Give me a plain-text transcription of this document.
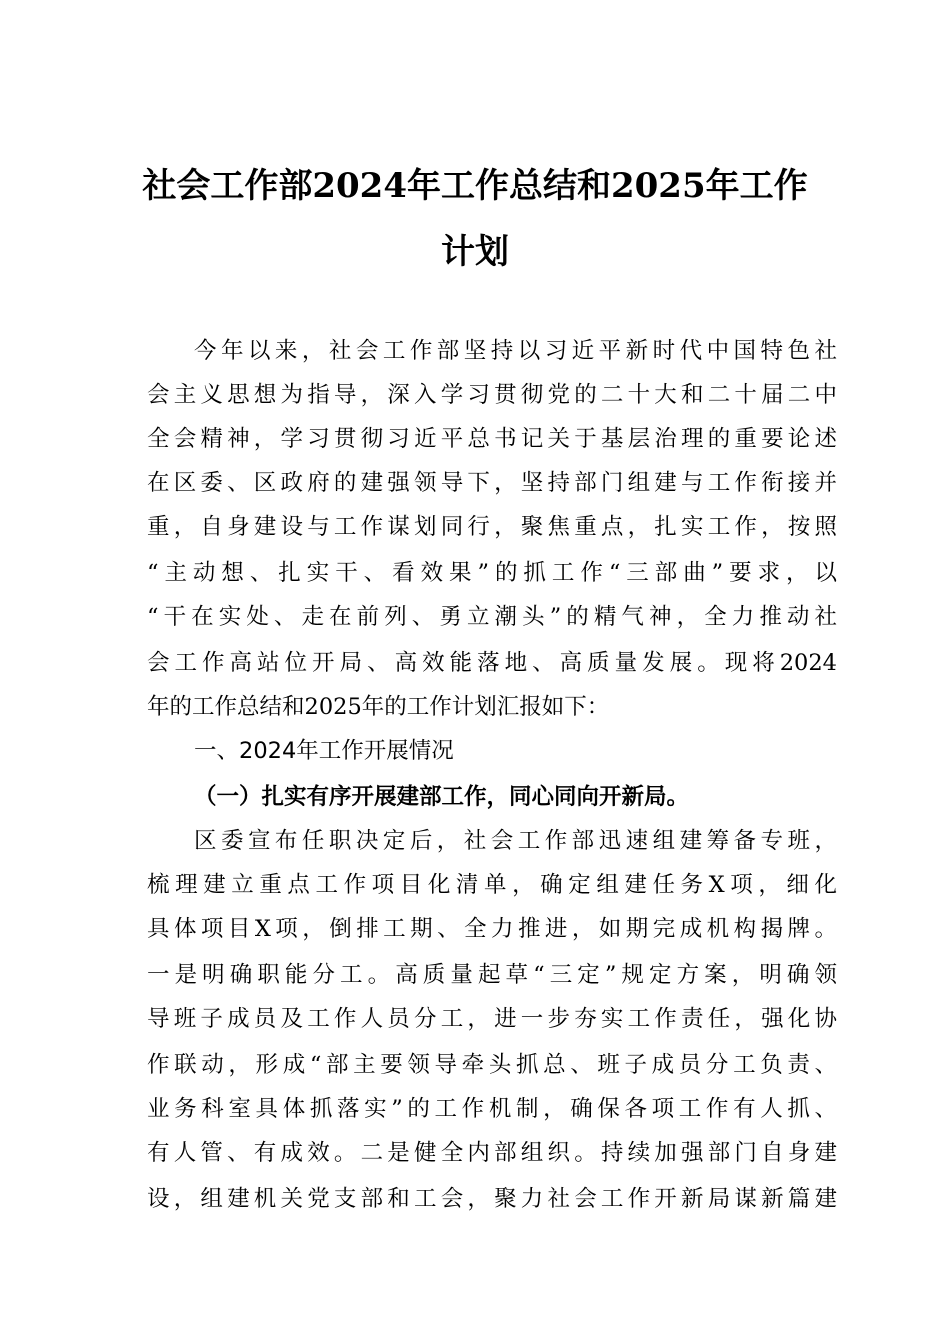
社会工作部2024年工作总结和2025年工作
计划
今年以来，社会工作部坚持以习近平新时代中国特色社
会主义思想为指导，深入学习贯彻党的二十大和二十届二中
全会精神，学习贯彻习近平总书记关于基层治理的重要论述
在区委、区政府的建强领导下，坚持部门组建与工作衔接并
重，自身建设与工作谋划同行，聚焦重点，扎实工作，按照
“主动想、扎实干、看效果”的抓工作“三部曲”要求，以
“干在实处、走在前列、勇立潮头”的精气神，全力推动社
会工作高站位开局、高效能落地、高质量发展。现将2024
年的工作总结和2025年的工作计划汇报如下：
一、2024年工作开展情况
（一）扎实有序开展建部工作，同心同向开新局。
区委宣布任职决定后，社会工作部迅速组建筹备专班，
梳理建立重点工作项目化清单，确定组建任务X项，细化
具体项目X项，倒排工期、全力推进，如期完成机构揭牌。
一是明确职能分工。高质量起草“三定”规定方案，明确领
导班子成员及工作人员分工，进一步夯实工作责任，强化协
作联动，形成“部主要领导牵头抓总、班子成员分工负责、
业务科室具体抓落实”的工作机制，确保各项工作有人抓、
有人管、有成效。二是健全内部组织。持续加强部门自身建
设，组建机关党支部和工会，聚力社会工作开新局谋新篇建
